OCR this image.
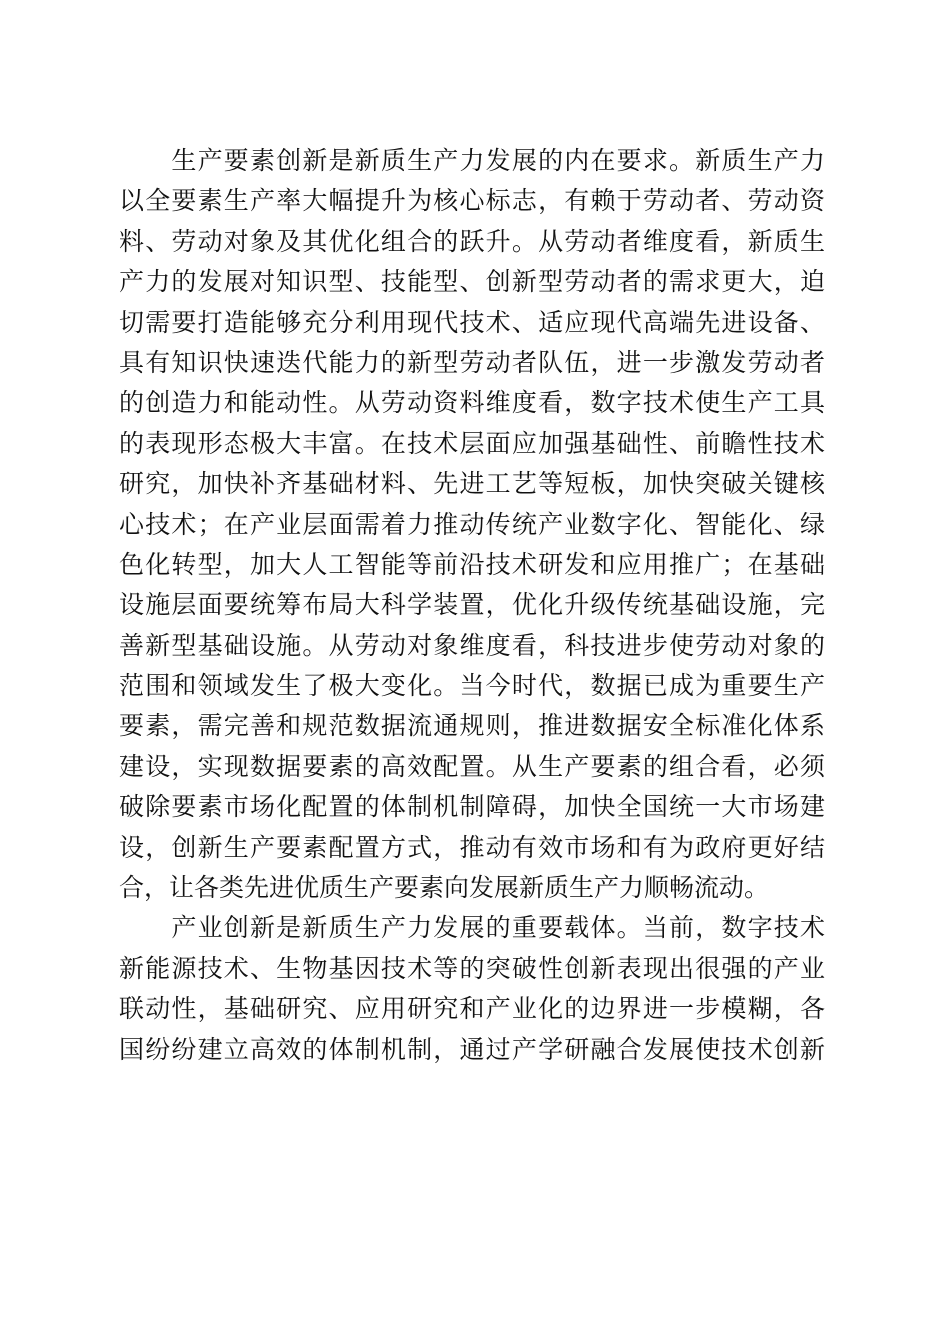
　　生产要素创新是新质生产力发展的内在要求。新质生产力
以全要素生产率大幅提升为核心标志，有赖于劳动者、劳动资
料、劳动对象及其优化组合的跃升。从劳动者维度看，新质生
产力的发展对知识型、技能型、创新型劳动者的需求更大，迫
切需要打造能够充分利用现代技术、适应现代高端先进设备、
具有知识快速迭代能力的新型劳动者队伍，进一步激发劳动者
的创造力和能动性。从劳动资料维度看，数字技术使生产工具
的表现形态极大丰富。在技术层面应加强基础性、前瞻性技术
研究，加快补齐基础材料、先进工艺等短板，加快突破关键核
心技术；在产业层面需着力推动传统产业数字化、智能化、绿
色化转型，加大人工智能等前沿技术研发和应用推广；在基础
设施层面要统筹布局大科学装置，优化升级传统基础设施，完
善新型基础设施。从劳动对象维度看，科技进步使劳动对象的
范围和领域发生了极大变化。当今时代，数据已成为重要生产
要素，需完善和规范数据流通规则，推进数据安全标准化体系
建设，实现数据要素的高效配置。从生产要素的组合看，必须
破除要素市场化配置的体制机制障碍，加快全国统一大市场建
设，创新生产要素配置方式，推动有效市场和有为政府更好结
合，让各类先进优质生产要素向发展新质生产力顺畅流动。
　　产业创新是新质生产力发展的重要载体。当前，数字技术
新能源技术、生物基因技术等的突破性创新表现出很强的产业
联动性，基础研究、应用研究和产业化的边界进一步模糊，各
国纷纷建立高效的体制机制，通过产学研融合发展使技术创新
